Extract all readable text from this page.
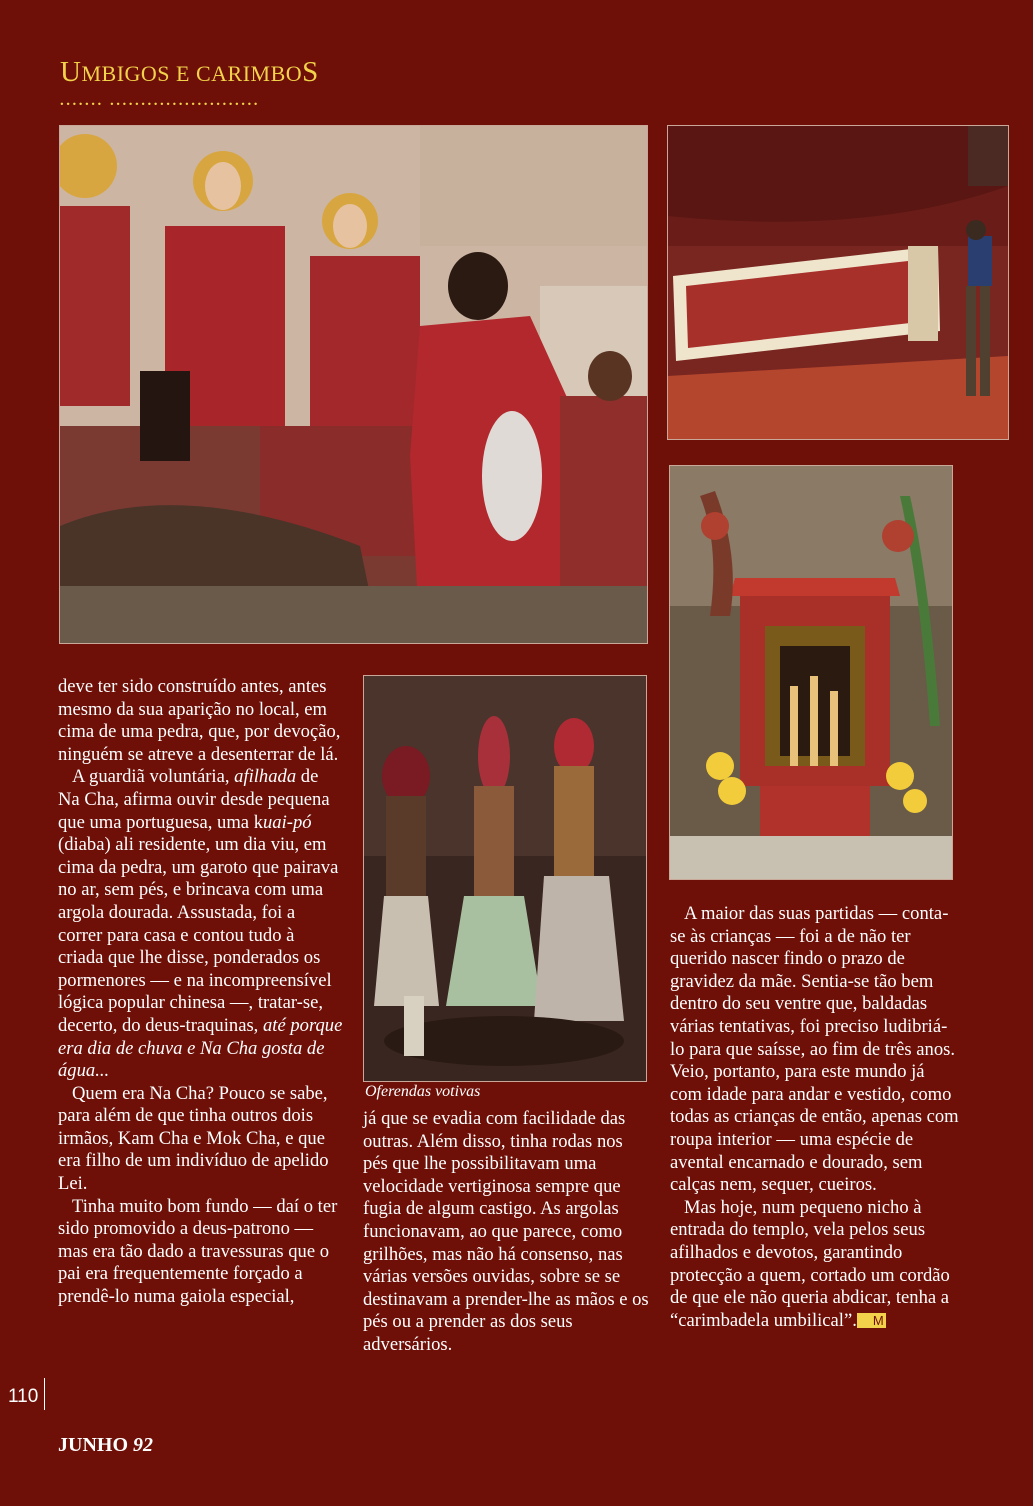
UMBIGOS E CARIMBOS
....... ........................
Oferendas votivas

deve ter sido construído antes, antes mesmo da sua aparição no local, em cima de uma pedra, que, por devoção, ninguém se atreve a desenterrar de lá.

A guardiã voluntária, afilhada de Na Cha, afirma ouvir desde pequena que uma portuguesa, uma kuai-pó (diaba) ali residente, um dia viu, em cima da pedra, um garoto que pairava no ar, sem pés, e brincava com uma argola dourada. Assustada, foi a correr para casa e contou tudo à criada que lhe disse, ponderados os pormenores — e na incompreensível lógica popular chinesa —, tratar-se, decerto, do deus-traquinas, até porque era dia de chuva e Na Cha gosta de água...

Quem era Na Cha? Pouco se sabe, para além de que tinha outros dois irmãos, Kam Cha e Mok Cha, e que era filho de um indivíduo de apelido Lei.

Tinha muito bom fundo — daí o ter sido promovido a deus-patrono — mas era tão dado a travessuras que o pai era frequentemente forçado a prendê-lo numa gaiola especial,

já que se evadia com facilidade das outras. Além disso, tinha rodas nos pés que lhe possibilitavam uma velocidade vertiginosa sempre que fugia de algum castigo. As argolas funcionavam, ao que parece, como grilhões, mas não há consenso, nas várias versões ouvidas, sobre se se destinavam a prender-lhe as mãos e os pés ou a prender as dos seus adversários.

A maior das suas partidas — conta-se às crianças — foi a de não ter querido nascer findo o prazo de gravidez da mãe. Sentia-se tão bem dentro do seu ventre que, baldadas várias tentativas, foi preciso ludibriá-lo para que saísse, ao fim de três anos. Veio, portanto, para este mundo já com idade para andar e vestido, como todas as crianças de então, apenas com roupa interior — uma espécie de avental encarnado e dourado, sem calças nem, sequer, cueiros.

Mas hoje, num pequeno nicho à entrada do templo, vela pelos seus afilhados e devotos, garantindo protecção a quem, cortado um cordão de que ele não queria abdicar, tenha a “carimbadela umbilical”. M

110
JUNHO 92
